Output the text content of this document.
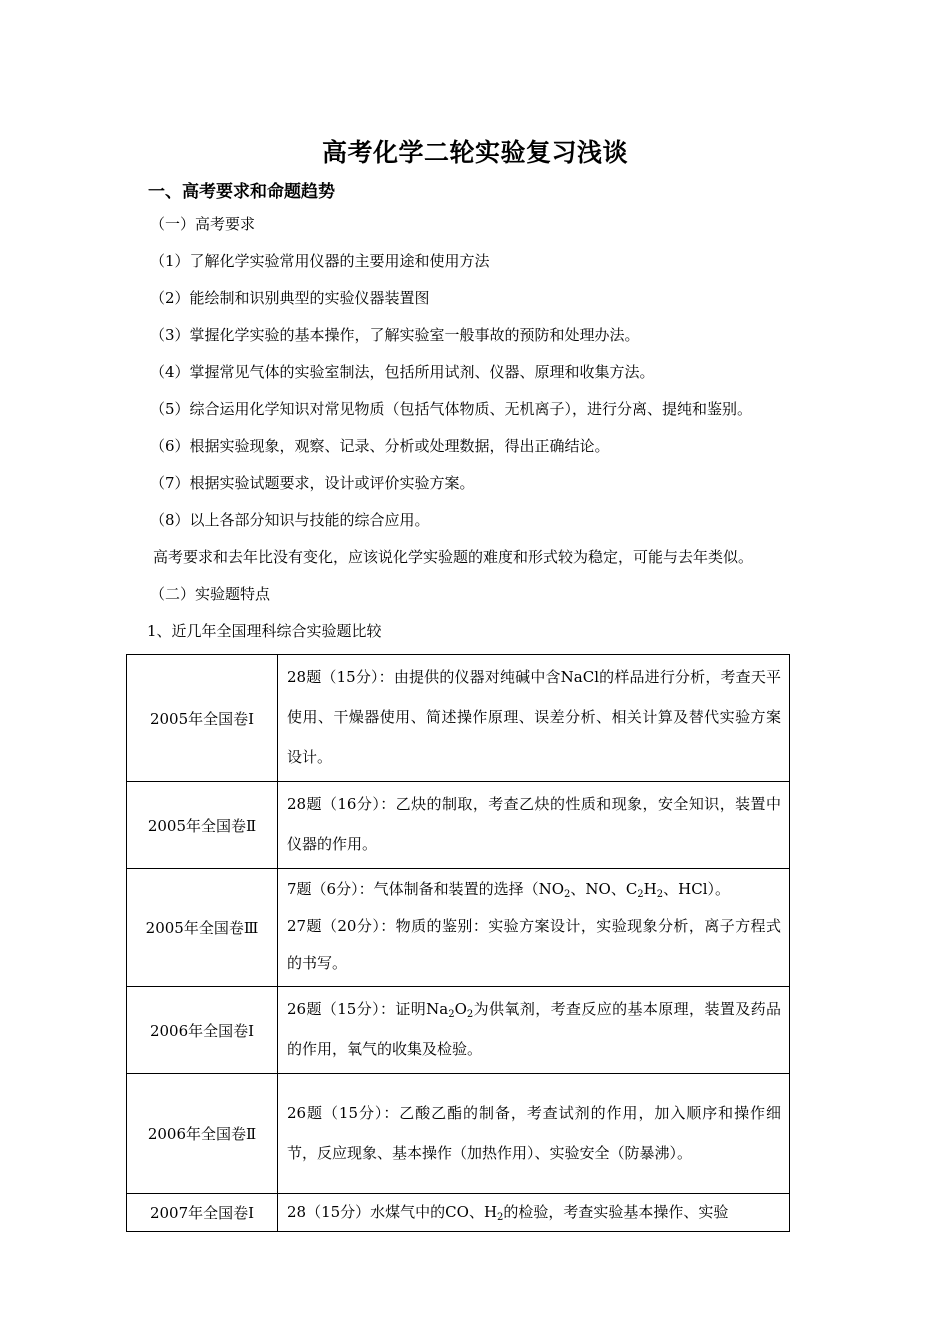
高考化学二轮实验复习浅谈
一、高考要求和命题趋势
（一）高考要求
（1）了解化学实验常用仪器的主要用途和使用方法
（2）能绘制和识别典型的实验仪器装置图
（3）掌握化学实验的基本操作，了解实验室一般事故的预防和处理办法。
（4）掌握常见气体的实验室制法，包括所用试剂、仪器、原理和收集方法。
（5）综合运用化学知识对常见物质（包括气体物质、无机离子），进行分离、提纯和鉴别。
（6）根据实验现象，观察、记录、分析或处理数据，得出正确结论。
（7）根据实验试题要求，设计或评价实验方案。
（8）以上各部分知识与技能的综合应用。
高考要求和去年比没有变化，应该说化学实验题的难度和形式较为稳定，可能与去年类似。
（二）实验题特点
1、近几年全国理科综合实验题比较
2005年全国卷Ⅰ	28题（15分）：由提供的仪器对纯碱中含NaCl的样品进行分析，考查天平使用、干燥器使用、简述操作原理、误差分析、相关计算及替代实验方案设计。
2005年全国卷Ⅱ	28题（16分）：乙炔的制取，考查乙炔的性质和现象，安全知识，装置中仪器的作用。
2005年全国卷Ⅲ	7题（6分）：气体制备和装置的选择（$NO_2$、NO、$C_2H_2$、HCl）。
27题（20分）：物质的鉴别：实验方案设计，实验现象分析，离子方程式的书写。
2006年全国卷Ⅰ	26题（15分）：证明$Na_2O_2$为供氧剂，考查反应的基本原理，装置及药品的作用，氧气的收集及检验。
2006年全国卷Ⅱ	26题（15分）：乙酸乙酯的制备，考查试剂的作用，加入顺序和操作细节，反应现象、基本操作（加热作用）、实验安全（防暴沸）。
2007年全国卷Ⅰ	28（15分）水煤气中的CO、$H_2$的检验，考查实验基本操作、实验
